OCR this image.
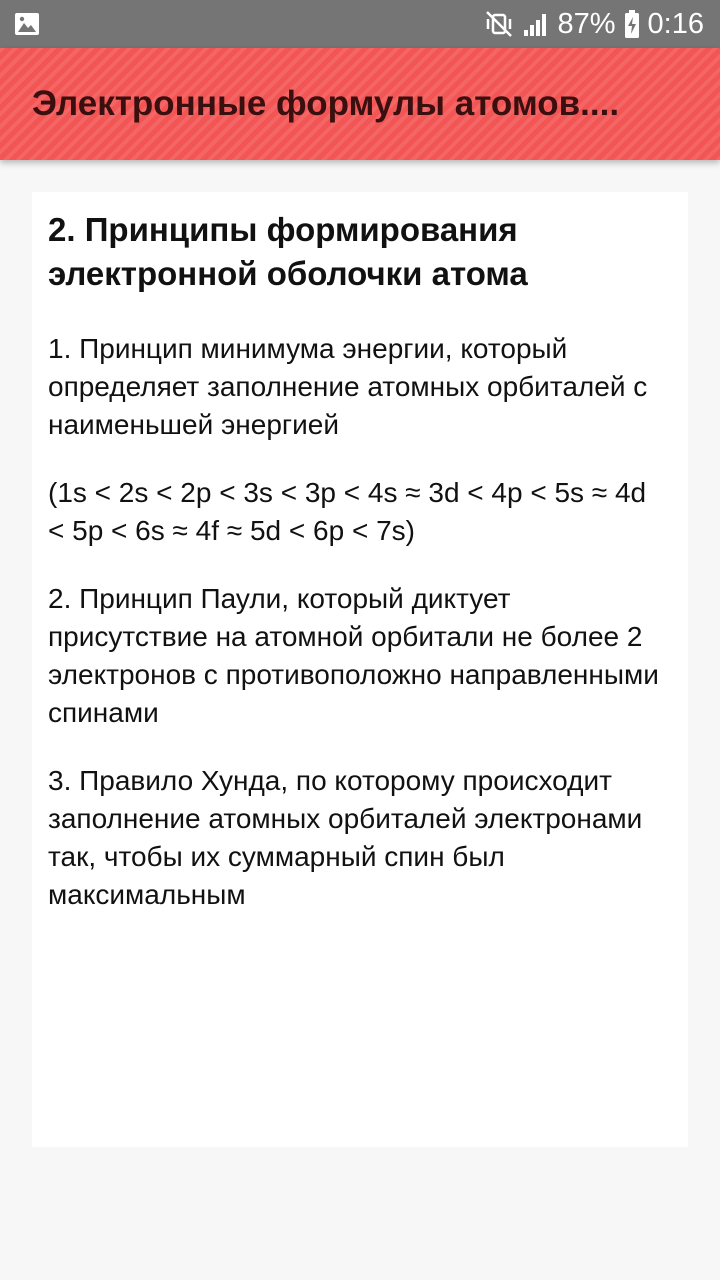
87% 0:16
Электронные формулы атомов....
2. Принципы формирования электронной оболочки атома
1. Принцип минимума энергии, который определяет заполнение атомных орбиталей с наименьшей энергией
(1s < 2s < 2p < 3s < 3p < 4s ≈ 3d < 4p < 5s ≈ 4d < 5p < 6s ≈ 4f ≈ 5d < 6p < 7s)
2. Принцип Паули, который диктует присутствие на атомной орбитали не более 2 электронов с противоположно направленными спинами
3. Правило Хунда, по которому происходит заполнение атомных орбиталей электронами так, чтобы их суммарный спин был максимальным
